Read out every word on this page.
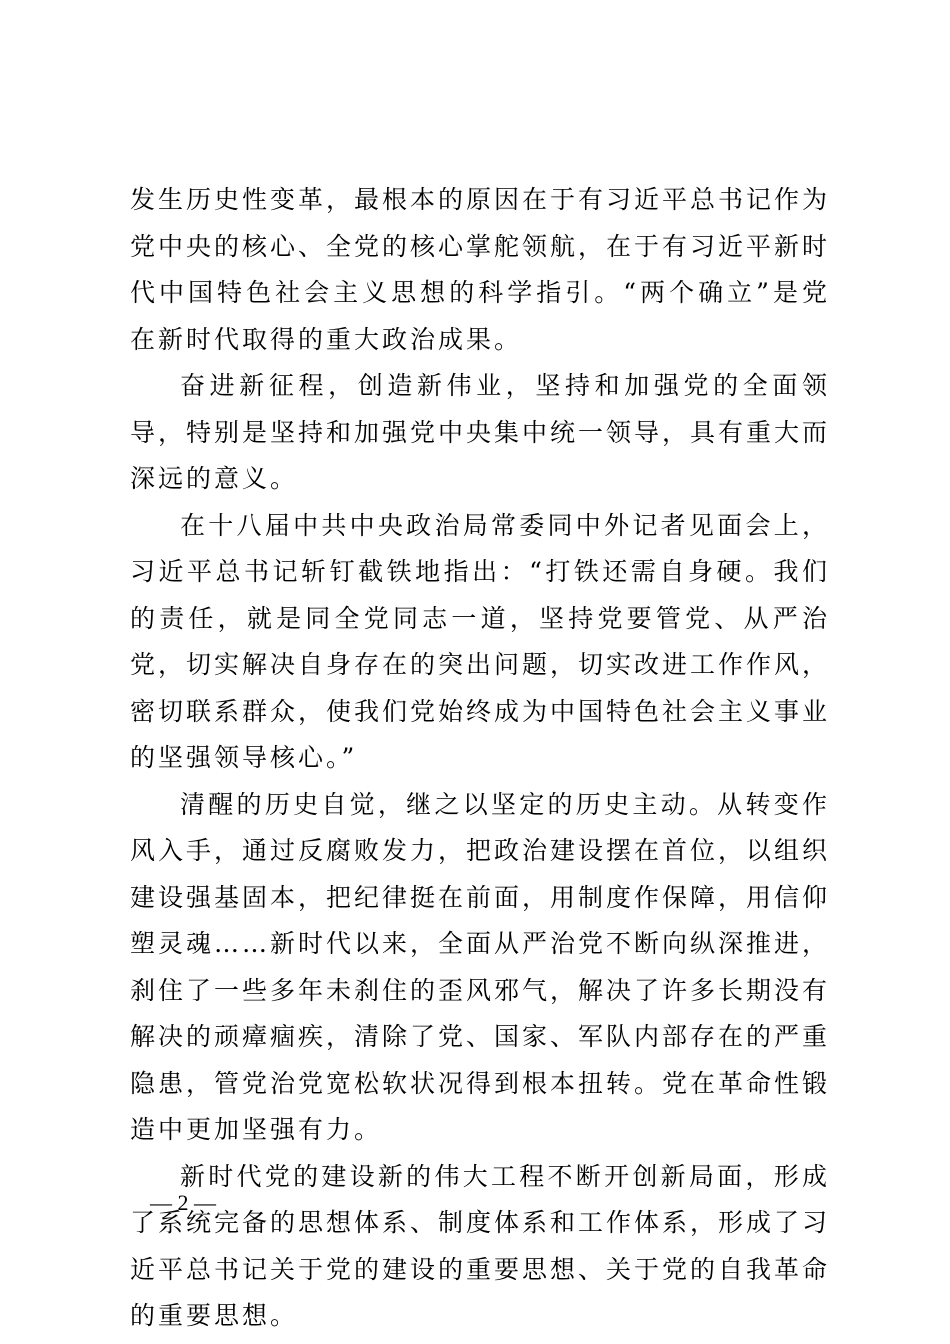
发生历史性变革，最根本的原因在于有习近平总书记作为党中央的核心、全党的核心掌舵领航，在于有习近平新时代中国特色社会主义思想的科学指引。“两个确立”是党在新时代取得的重大政治成果。

奋进新征程，创造新伟业，坚持和加强党的全面领导，特别是坚持和加强党中央集中统一领导，具有重大而深远的意义。

在十八届中共中央政治局常委同中外记者见面会上，习近平总书记斩钉截铁地指出：“打铁还需自身硬。我们的责任，就是同全党同志一道，坚持党要管党、从严治党，切实解决自身存在的突出问题，切实改进工作作风，密切联系群众，使我们党始终成为中国特色社会主义事业的坚强领导核心。”

清醒的历史自觉，继之以坚定的历史主动。从转变作风入手，通过反腐败发力，把政治建设摆在首位，以组织建设强基固本，把纪律挺在前面，用制度作保障，用信仰塑灵魂……新时代以来，全面从严治党不断向纵深推进，刹住了一些多年未刹住的歪风邪气，解决了许多长期没有解决的顽瘴痼疾，清除了党、国家、军队内部存在的严重隐患，管党治党宽松软状况得到根本扭转。党在革命性锻造中更加坚强有力。

新时代党的建设新的伟大工程不断开创新局面，形成了系统完备的思想体系、制度体系和工作体系，形成了习近平总书记关于党的建设的重要思想、关于党的自我革命的重要思想。

— 2 —
